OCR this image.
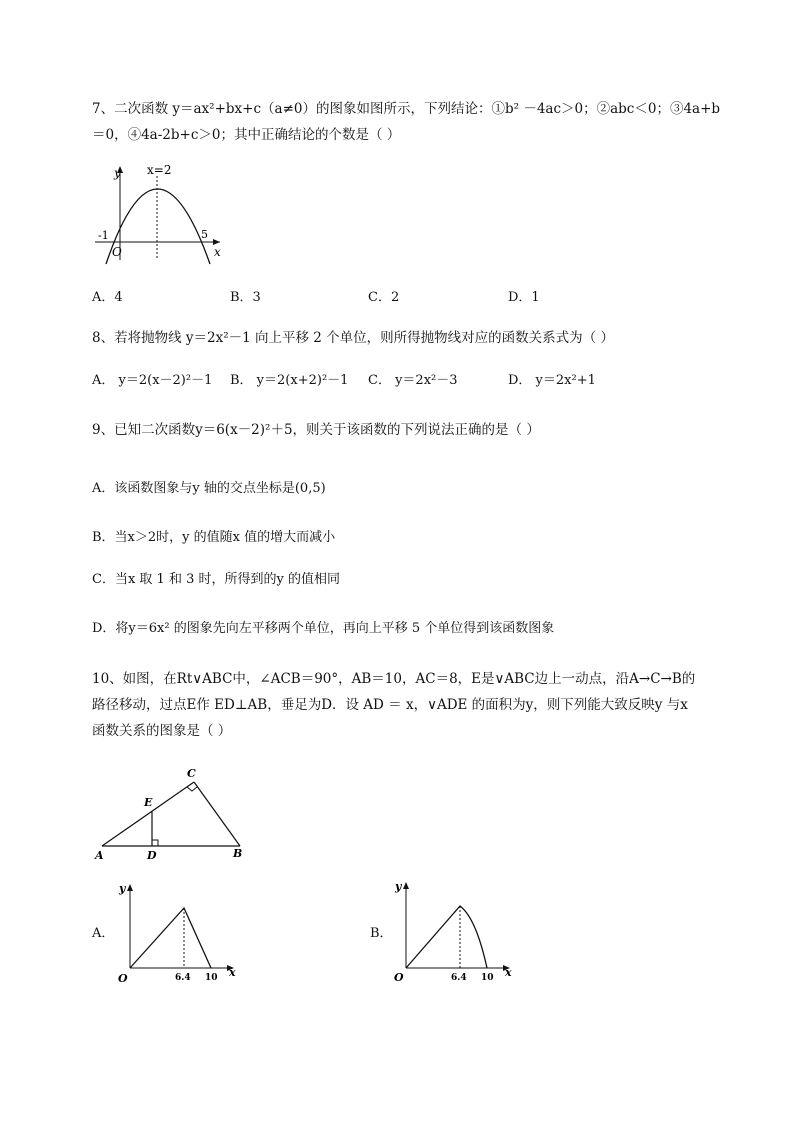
7、二次函数 y＝ax²+bx+c（a≠0）的图象如图所示，下列结论：①b² －4ac＞0；②abc＜0；③4a+b
＝0，④4a-2b+c＞0；其中正确结论的个数是（ ）
y
x
x=2
-1	5
O
A．4	B．3	C．2	D．1
8、若将抛物线 y＝2x²－1 向上平移 2 个单位，则所得抛物线对应的函数关系式为（ ）
A． y＝2(x－2)²－1 B． y＝2(x+2)²－1 C． y＝2x²－3	D． y＝2x²+1
9、已知二次函数y＝6(x－2)²＋5，则关于该函数的下列说法正确的是（ ）
A．该函数图象与y 轴的交点坐标是(0,5)
B．当x＞2时，y 的值随x 值的增大而减小
C．当x 取 1 和 3 时，所得到的y 的值相同
D．将y＝6x² 的图象先向左平移两个单位，再向上平移 5 个单位得到该函数图象
10、如图，在Rt∨ABC中，∠ACB＝90°，AB＝10，AC＝8，E是∨ABC边上一动点，沿A→C→B的
路径移动，过点E作 ED⊥AB，垂足为D．设 AD ＝ x，∨ADE 的面积为y，则下列能大致反映y 与x
函数关系的图象是（ ）
C
E
A	D	B
A．
y
x
O	6.4 10
B．
y
x
O	6.4 10
